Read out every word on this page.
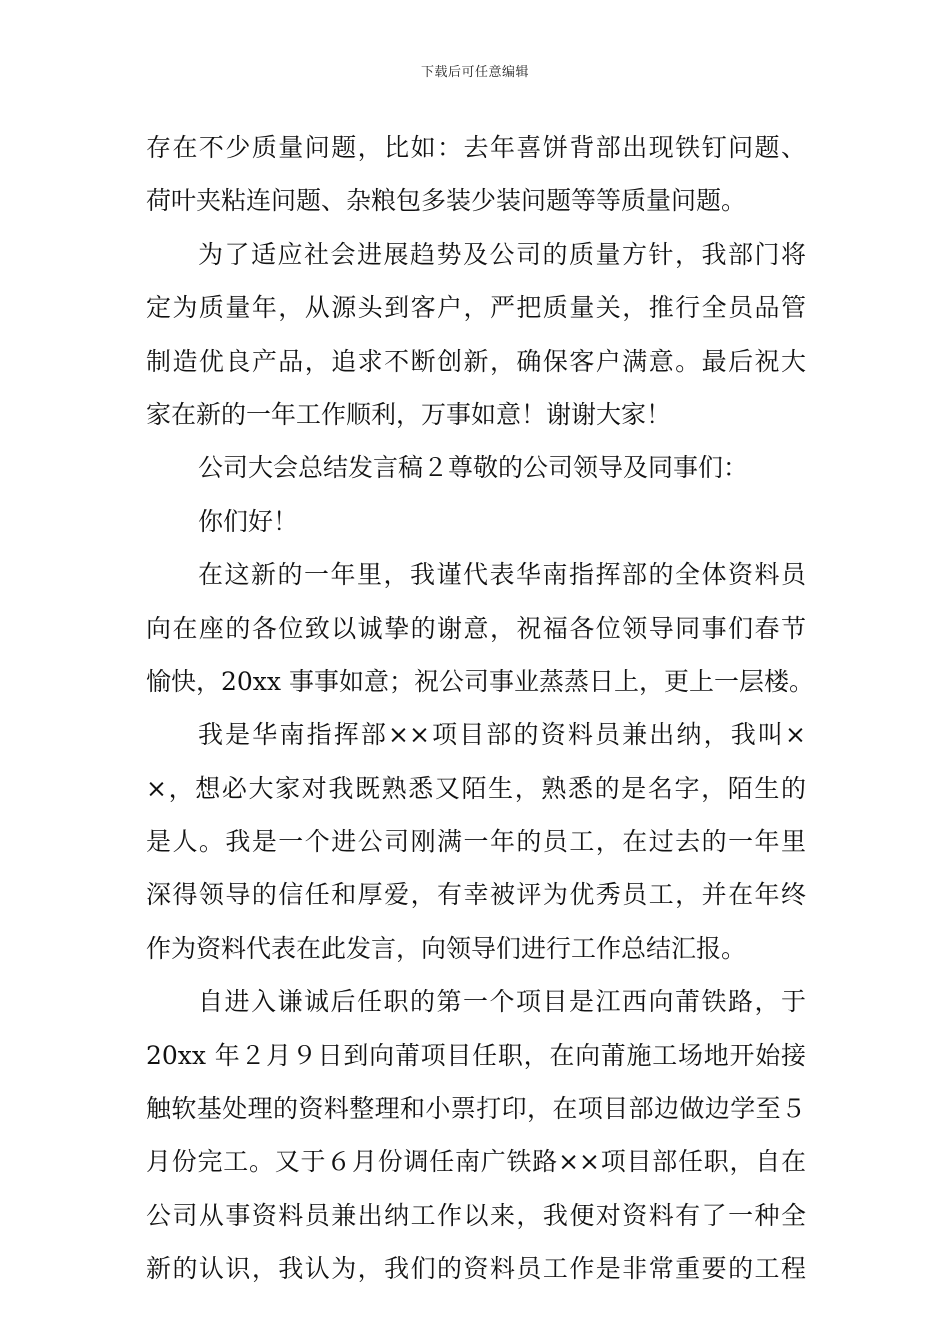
下载后可任意编辑
存在不少质量问题，比如：去年喜饼背部出现铁钉问题、
荷叶夹粘连问题、杂粮包多装少装问题等等质量问题。
为了适应社会进展趋势及公司的质量方针，我部门将
定为质量年，从源头到客户，严把质量关，推行全员品管
制造优良产品，追求不断创新，确保客户满意。最后祝大
家在新的一年工作顺利，万事如意！谢谢大家！
公司大会总结发言稿２尊敬的公司领导及同事们：
你们好！
在这新的一年里，我谨代表华南指挥部的全体资料员
向在座的各位致以诚挚的谢意，祝福各位领导同事们春节
愉快，20xx 事事如意；祝公司事业蒸蒸日上，更上一层楼。
我是华南指挥部××项目部的资料员兼出纳，我叫×
×，想必大家对我既熟悉又陌生，熟悉的是名字，陌生的
是人。我是一个进公司刚满一年的员工，在过去的一年里
深得领导的信任和厚爱，有幸被评为优秀员工，并在年终
作为资料代表在此发言，向领导们进行工作总结汇报。
自进入谦诚后任职的第一个项目是江西向莆铁路，于
20xx 年２月９日到向莆项目任职，在向莆施工场地开始接
触软基处理的资料整理和小票打印，在项目部边做边学至５
月份完工。又于６月份调任南广铁路××项目部任职，自在
公司从事资料员兼出纳工作以来，我便对资料有了一种全
新的认识，我认为，我们的资料员工作是非常重要的工程
